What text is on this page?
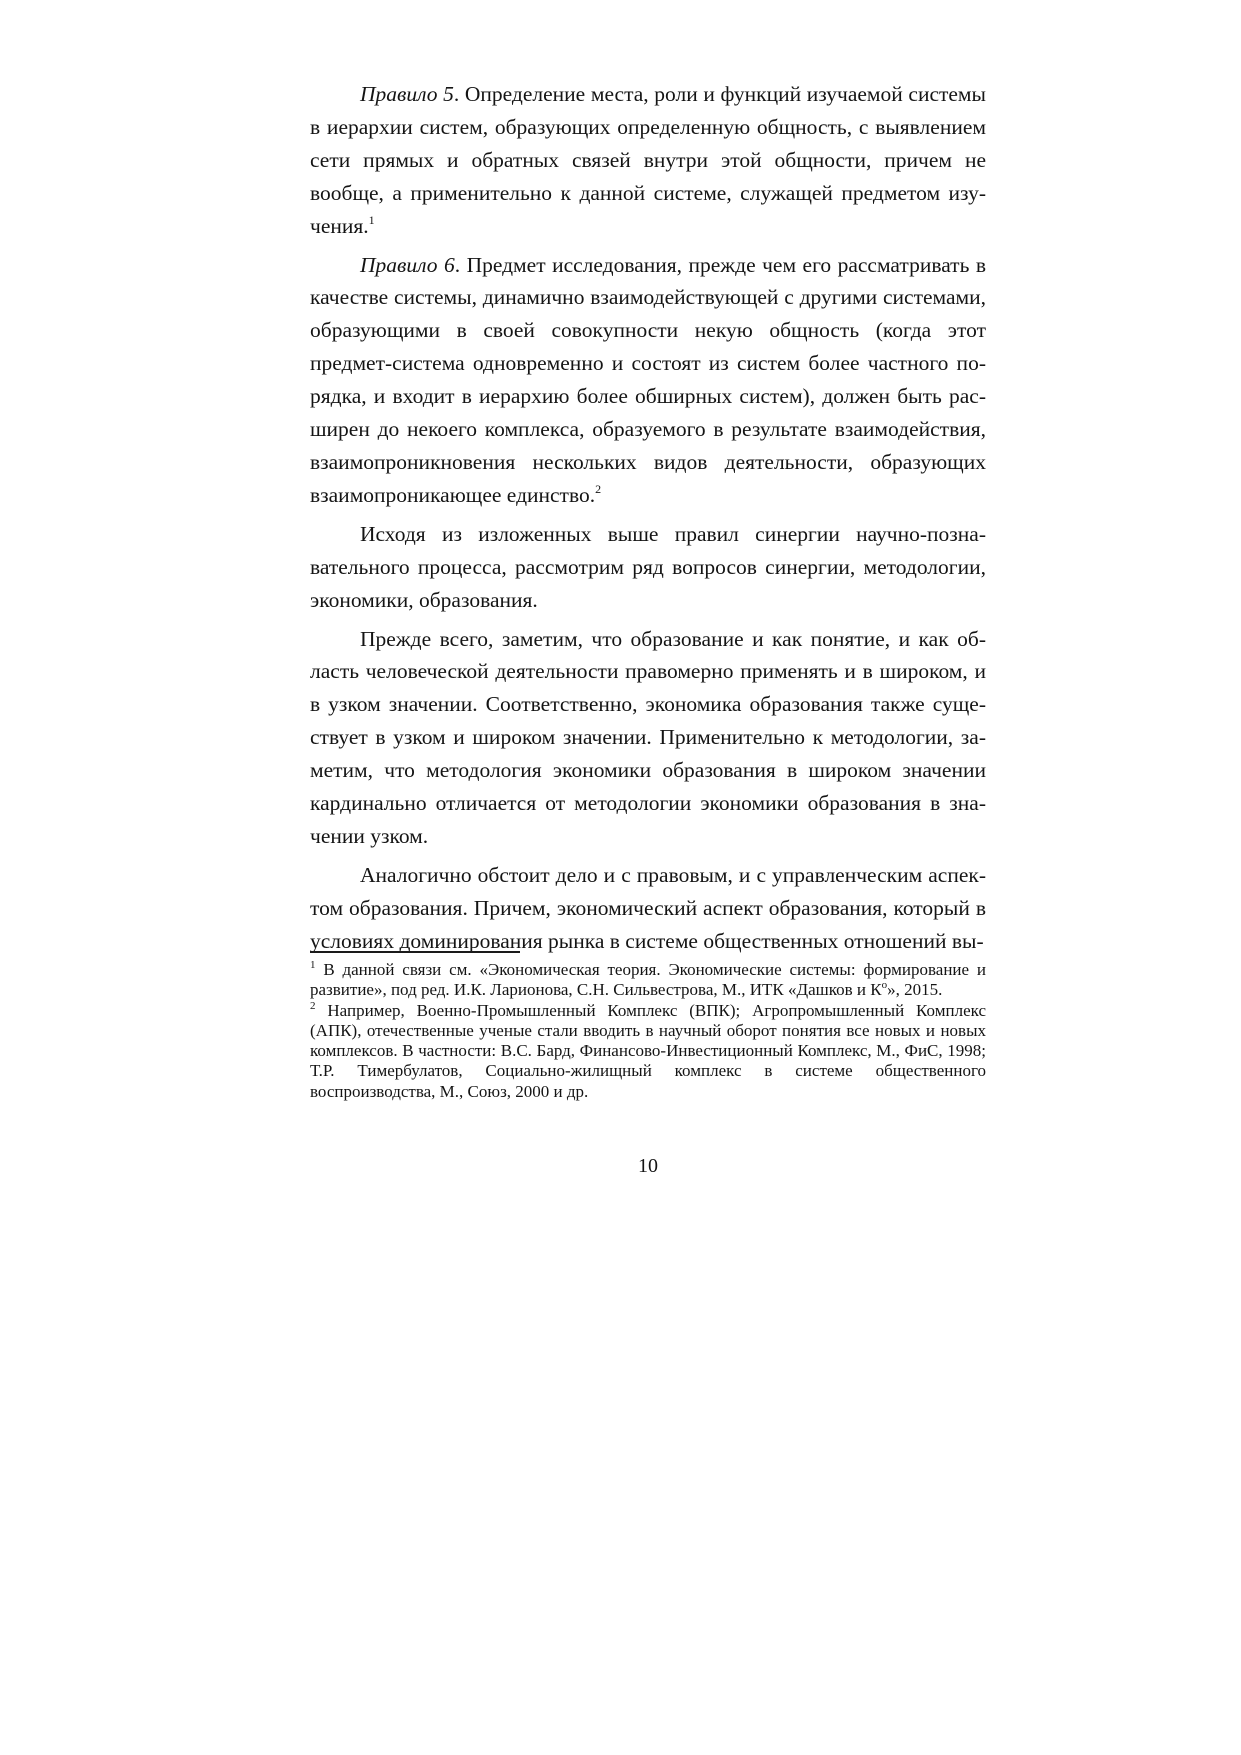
Правило 5. Определение места, роли и функций изучаемой системы в иерархии систем, образующих определенную общность, с выявлением сети прямых и обратных связей внутри этой общности, причем не вообще, а применительно к данной системе, служащей предметом изучения.$^1$

Правило 6. Предмет исследования, прежде чем его рассматривать в качестве системы, динамично взаимодействующей с другими системами, образующими в своей совокупности некую общность (когда этот предмет-система одновременно и состоят из систем более частного порядка, и входит в иерархию более обширных систем), должен быть расширен до некоего комплекса, образуемого в результате взаимодействия, взаимопроникновения нескольких видов деятельности, образующих взаимопроникающее единство.$^2$

Исходя из изложенных выше правил синергии научно-познавательного процесса, рассмотрим ряд вопросов синергии, методологии, экономики, образования.

Прежде всего, заметим, что образование и как понятие, и как область человеческой деятельности правомерно применять и в широком, и в узком значении. Соответственно, экономика образования также существует в узком и широком значении. Применительно к методологии, заметим, что методология экономики образования в широком значении кардинально отличается от методологии экономики образования в значении узком.

Аналогично обстоит дело и с правовым, и с управленческим аспектом образования. Причем, экономический аспект образования, который в условиях доминирования рынка в системе общественных отношений вы-

$^1$ В данной связи см. «Экономическая теория. Экономические системы: формирование и развитие», под ред. И.К. Ларионова, С.Н. Сильвестрова, М., ИТК «Дашков и К$^о$», 2015.

$^2$ Например, Военно-Промышленный Комплекс (ВПК); Агропромышленный Комплекс (АПК), отечественные ученые стали вводить в научный оборот понятия все новых и новых комплексов. В частности: В.С. Бард, Финансово-Инвестиционный Комплекс, М., ФиС, 1998; Т.Р. Тимербулатов, Социально-жилищный комплекс в системе общественного воспроизводства, М., Союз, 2000 и др.

10
